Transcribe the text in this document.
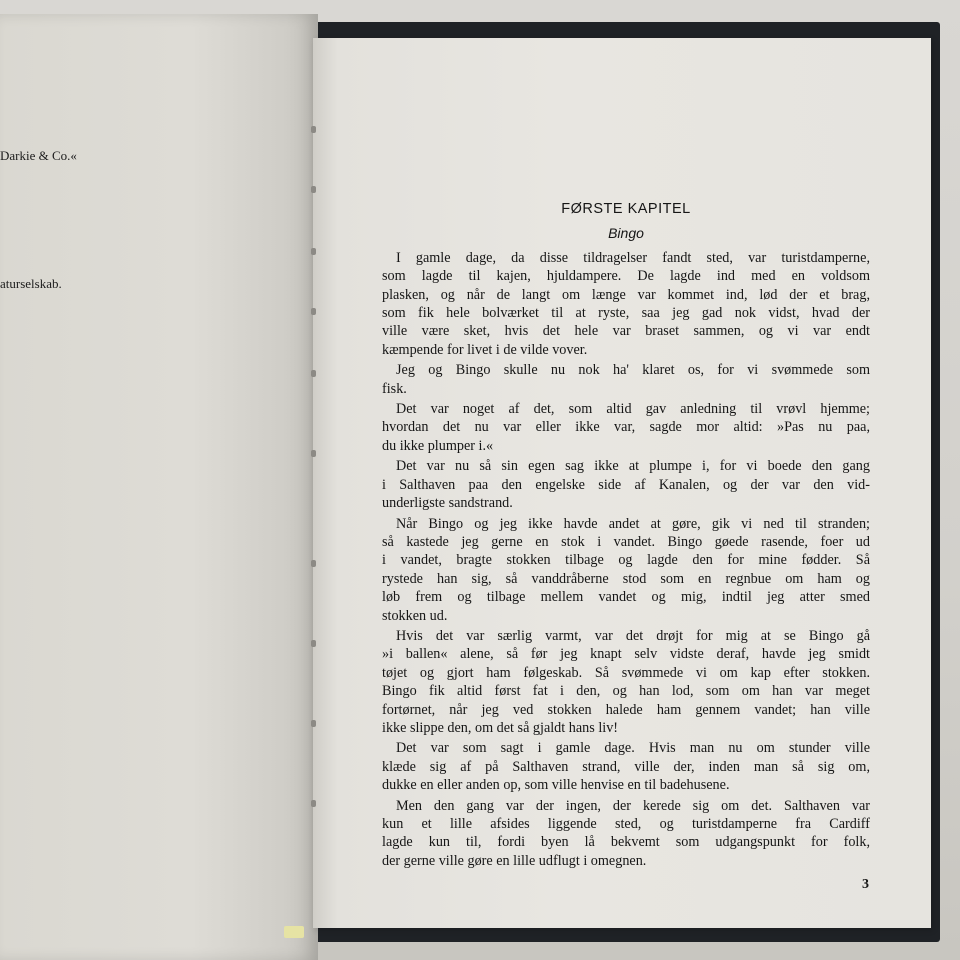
Darkie & Co.«
aturselskab.
FØRSTE KAPITEL
Bingo
I gamle dage, da disse tildragelser fandt sted, var turistdamperne,
som lagde til kajen, hjuldampere. De lagde ind med en voldsom
plasken, og når de langt om længe var kommet ind, lød der et brag,
som fik hele bolværket til at ryste, saa jeg gad nok vidst, hvad der
ville være sket, hvis det hele var braset sammen, og vi var endt
kæmpende for livet i de vilde vover.
Jeg og Bingo skulle nu nok ha' klaret os, for vi svømmede som
fisk.
Det var noget af det, som altid gav anledning til vrøvl hjemme;
hvordan det nu var eller ikke var, sagde mor altid: »Pas nu paa,
du ikke plumper i.«
Det var nu så sin egen sag ikke at plumpe i, for vi boede den gang
i Salthaven paa den engelske side af Kanalen, og der var den vid-
underligste sandstrand.
Når Bingo og jeg ikke havde andet at gøre, gik vi ned til stranden;
så kastede jeg gerne en stok i vandet. Bingo gøede rasende, foer ud
i vandet, bragte stokken tilbage og lagde den for mine fødder. Så
rystede han sig, så vanddråberne stod som en regnbue om ham og
løb frem og tilbage mellem vandet og mig, indtil jeg atter smed
stokken ud.
Hvis det var særlig varmt, var det drøjt for mig at se Bingo gå
»i ballen« alene, så før jeg knapt selv vidste deraf, havde jeg smidt
tøjet og gjort ham følgeskab. Så svømmede vi om kap efter stokken.
Bingo fik altid først fat i den, og han lod, som om han var meget
fortørnet, når jeg ved stokken halede ham gennem vandet; han ville
ikke slippe den, om det så gjaldt hans liv!
Det var som sagt i gamle dage. Hvis man nu om stunder ville
klæde sig af på Salthaven strand, ville der, inden man så sig om,
dukke en eller anden op, som ville henvise en til badehusene.
Men den gang var der ingen, der kerede sig om det. Salthaven var
kun et lille afsides liggende sted, og turistdamperne fra Cardiff
lagde kun til, fordi byen lå bekvemt som udgangspunkt for folk,
der gerne ville gøre en lille udflugt i omegnen.
3
